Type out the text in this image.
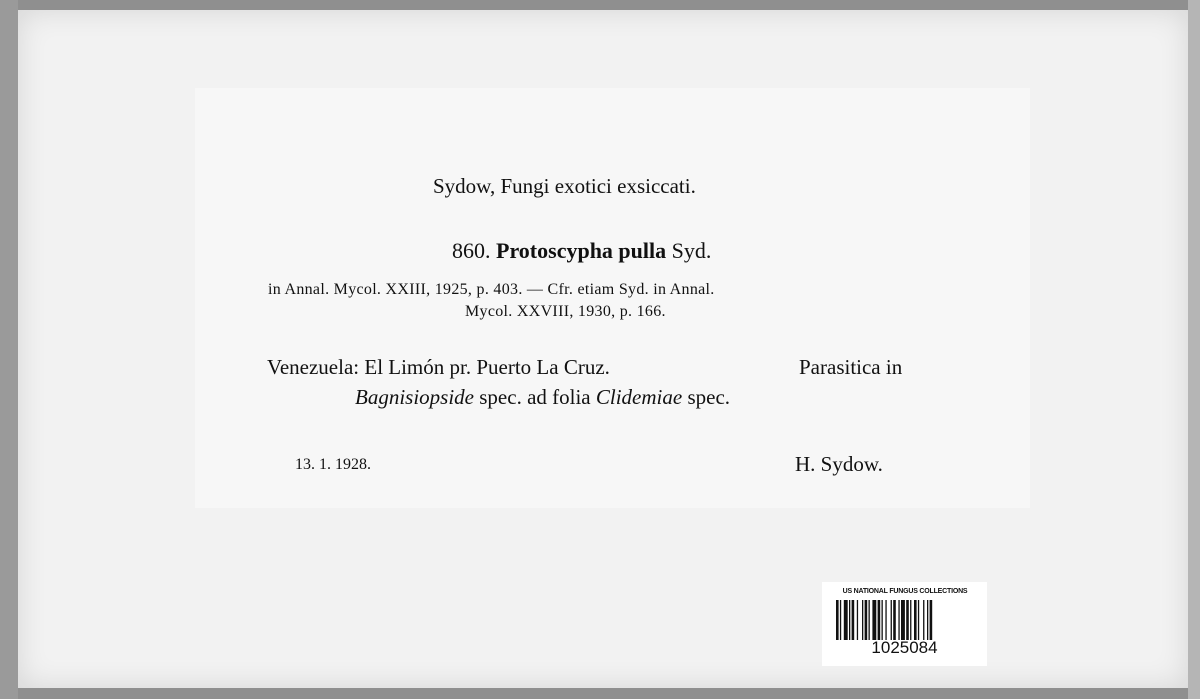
Sydow, Fungi exotici exsiccati.
860. Protoscypha pulla Syd.
in Annal. Mycol. XXIII, 1925, p. 403. — Cfr. etiam Syd. in Annal.
Mycol. XXVIII, 1930, p. 166.
Venezuela: El Limón pr. Puerto La Cruz.	Parasitica in
Bagnisiopside spec. ad folia Clidemiae spec.
13. 1. 1928.	H. Sydow.
US NATIONAL FUNGUS COLLECTIONS
1025084
